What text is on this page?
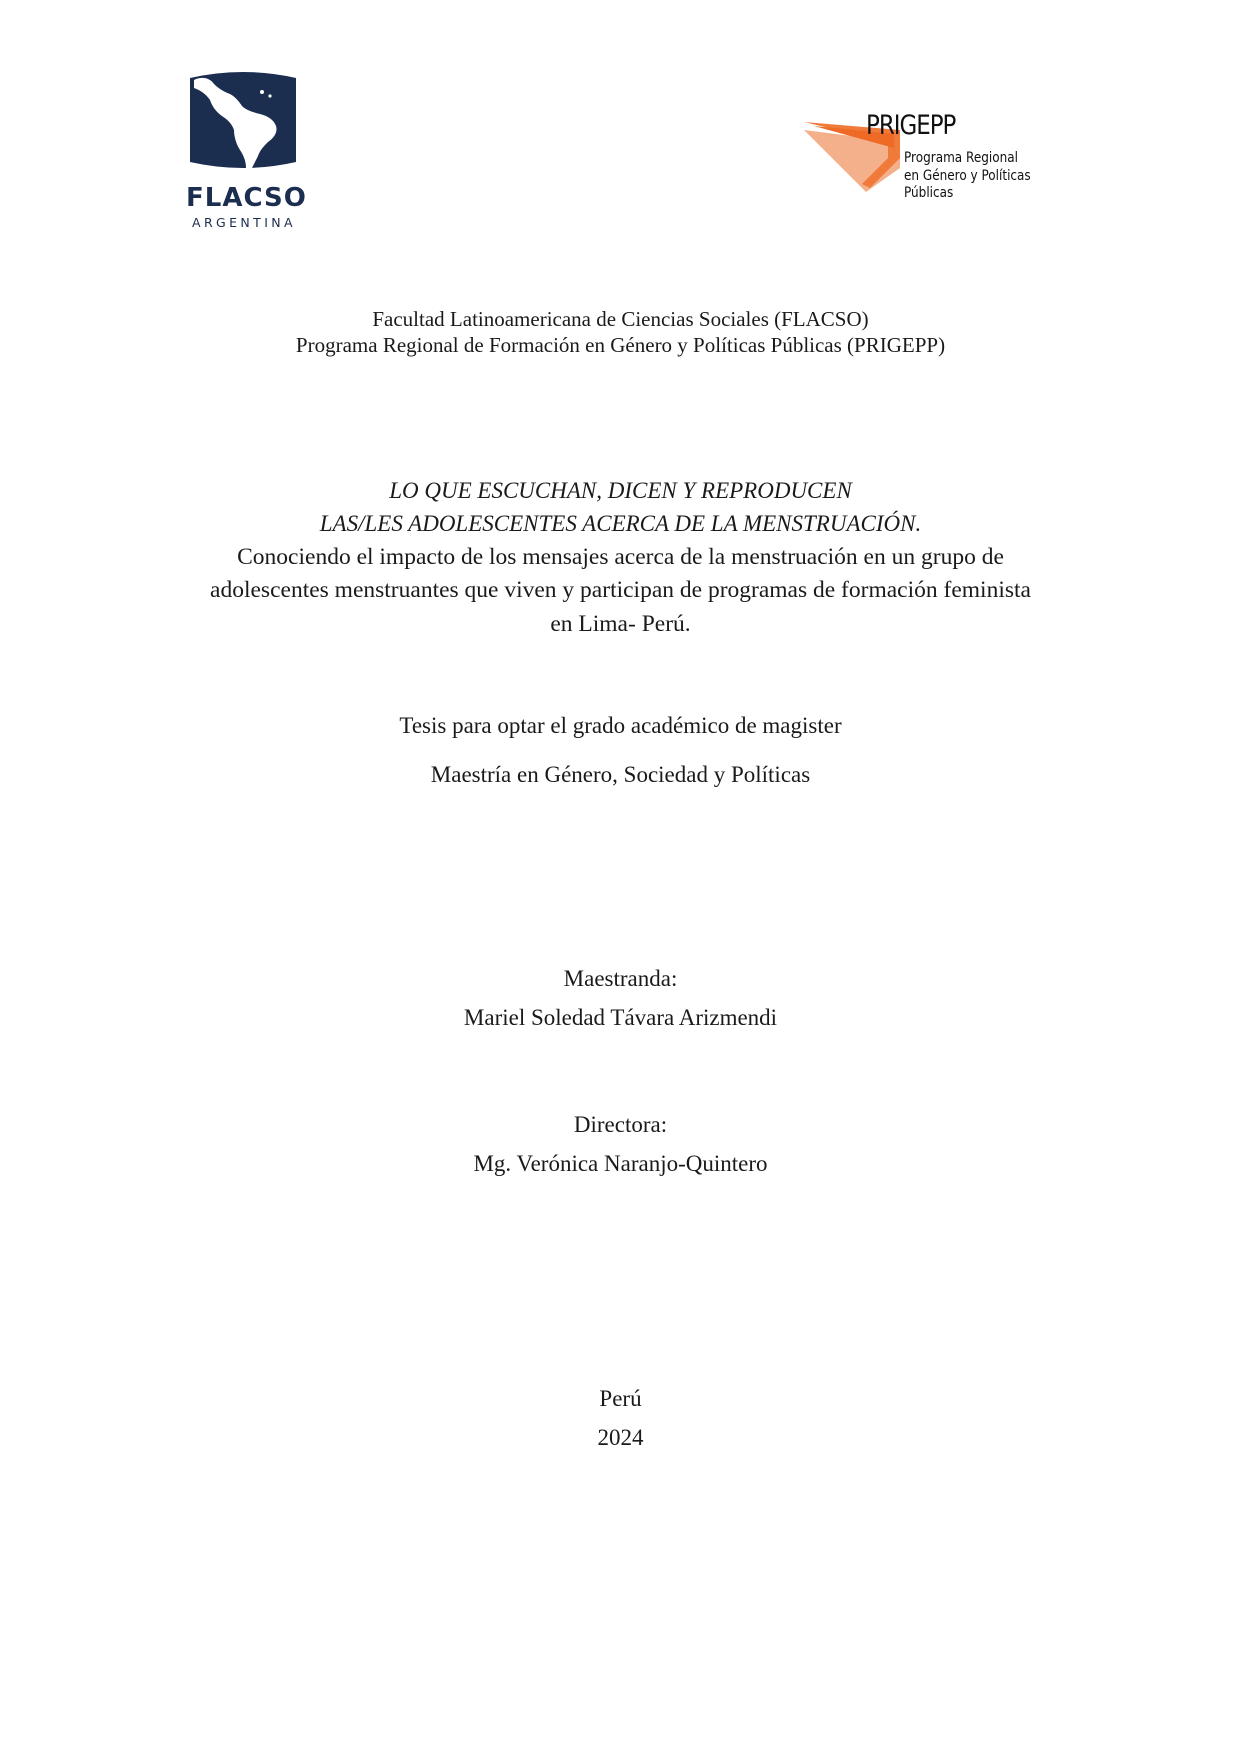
FLACSO
ARGENTINA
PRIGEPP
Programa Regional
en Género y Políticas
Públicas
Facultad Latinoamericana de Ciencias Sociales (FLACSO)
Programa Regional de Formación en Género y Políticas Públicas (PRIGEPP)
LO QUE ESCUCHAN, DICEN Y REPRODUCEN
LAS/LES ADOLESCENTES ACERCA DE LA MENSTRUACIÓN.
Conociendo el impacto de los mensajes acerca de la menstruación en un grupo de
adolescentes menstruantes que viven y participan de programas de formación feminista
en Lima- Perú.
Tesis para optar el grado académico de magister
Maestría en Género, Sociedad y Políticas
Maestranda:
Mariel Soledad Távara Arizmendi
Directora:
Mg. Verónica Naranjo-Quintero
Perú
2024
